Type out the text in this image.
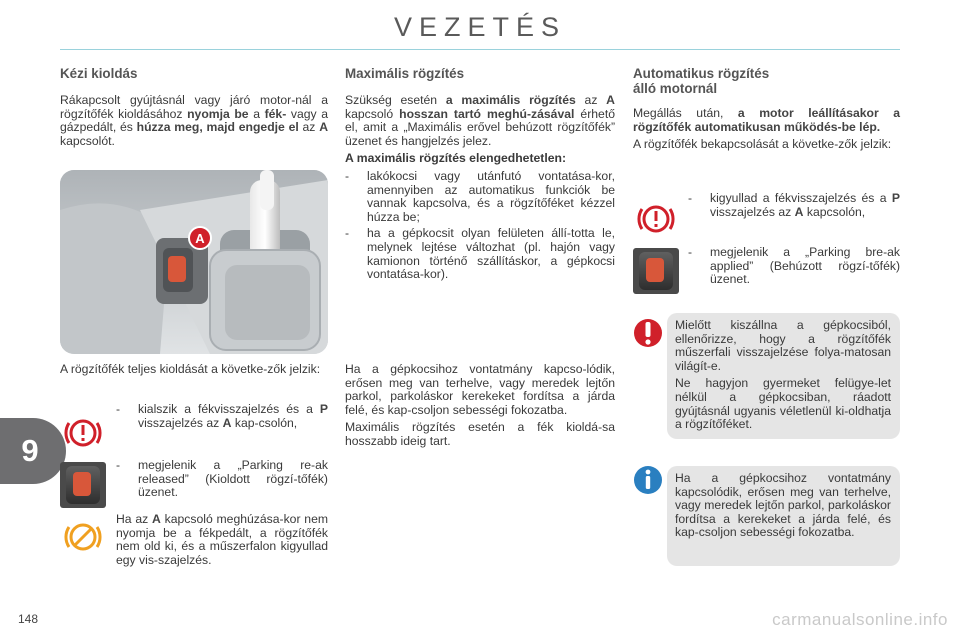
VEZETÉS
9
Kézi kioldás

Rákapcsolt gyújtásnál vagy járó motor-nál a rögzítőfék kioldásához nyomja be a fék- vagy a gázpedált, és húzza meg, majd engedje el az A kapcsolót.

A

A rögzítőfék teljes kioldását a követke-zők jelzik:

-	kialszik a fékvisszajelzés és a P visszajelzés az A kap-csolón,
-	megjelenik a „Parking re-ak released” (Kioldott rögzí-tőfék) üzenet.

Ha az A kapcsoló meghúzása-kor nem nyomja be a fékpedált, a rögzítőfék nem old ki, és a műszerfalon kigyullad egy vis-szajelzés.

Maximális rögzítés

Szükség esetén a maximális rögzítés az A kapcsoló hosszan tartó meghú-zásával érhető el, amit a „Maximális erővel behúzott rögzítőfék” üzenet és hangjelzés jelez.

A maximális rögzítés elengedhetetlen:

-	lakókocsi vagy utánfutó vontatása-kor, amennyiben az automatikus funkciók be vannak kapcsolva, és a rögzítőféket kézzel húzza be;
-	ha a gépkocsit olyan felületen állí-totta le, melynek lejtése változhat (pl. hajón vagy kamionon történő szállításkor, a gépkocsi vontatása-kor).

Ha a gépkocsihoz vontatmány kapcso-lódik, erősen meg van terhelve, vagy meredek lejtőn parkol, parkoláskor kerekeket fordítsa a járda felé, és kap-csoljon sebességi fokozatba.

Maximális rögzítés esetén a fék kioldá-sa hosszabb ideig tart.

Automatikus rögzítés
álló motornál

Megállás után, a motor leállításakor a rögzítőfék automatikusan működés-be lép.

A rögzítőfék bekapcsolását a követke-zők jelzik:

-	kigyullad a fékvisszajelzés és a P visszajelzés az A kapcsolón,
-	megjelenik a „Parking bre-ak applied” (Behúzott rögzí-tőfék) üzenet.

Mielőtt kiszállna a gépkocsiból, ellenőrizze, hogy a rögzítőfék műszerfali visszajelzése folya-matosan világít-e.

Ne hagyjon gyermeket felügye-let nélkül a gépkocsiban, ráadott gyújtásnál ugyanis véletlenül ki-oldhatja a rögzítőféket.

Ha a gépkocsihoz vontatmány kapcsolódik, erősen meg van terhelve, vagy meredek lejtőn parkol, parkoláskor fordítsa a kerekeket a járda felé, és kap-csoljon sebességi fokozatba.

148	carmanualsonline.info
